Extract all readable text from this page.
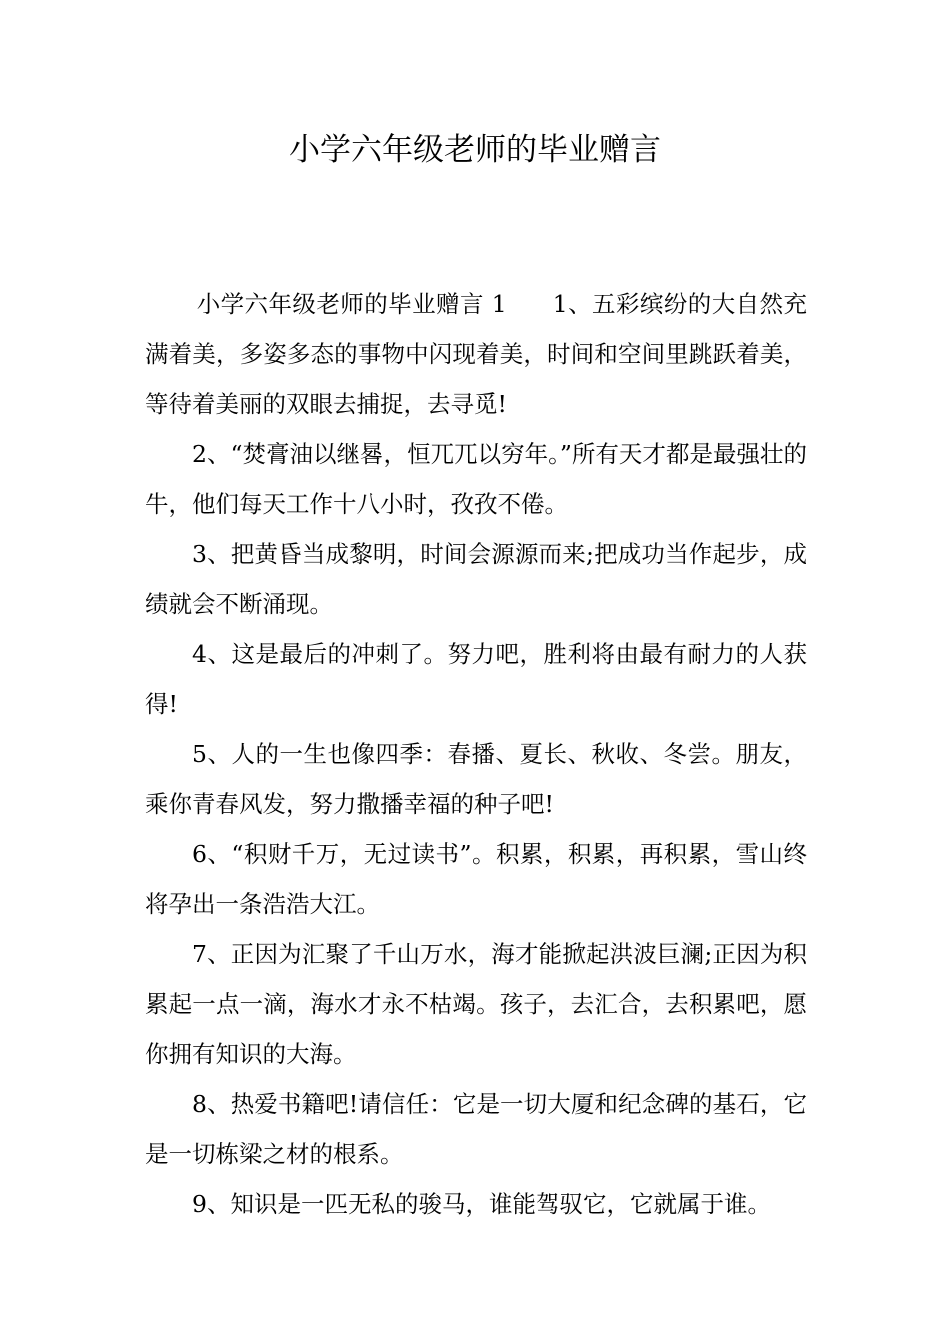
小学六年级老师的毕业赠言

小学六年级老师的毕业赠言 1 1、五彩缤纷的大自然充满着美，多姿多态的事物中闪现着美，时间和空间里跳跃着美，等待着美丽的双眼去捕捉，去寻觅!

2、“焚膏油以继晷，恒兀兀以穷年。”所有天才都是最强壮的牛，他们每天工作十八小时，孜孜不倦。

3、把黄昏当成黎明，时间会源源而来;把成功当作起步，成绩就会不断涌现。

4、这是最后的冲刺了。努力吧，胜利将由最有耐力的人获得!

5、人的一生也像四季：春播、夏长、秋收、冬尝。朋友，乘你青春风发，努力撒播幸福的种子吧!

6、“积财千万，无过读书”。积累，积累，再积累，雪山终将孕出一条浩浩大江。

7、正因为汇聚了千山万水，海才能掀起洪波巨澜;正因为积累起一点一滴，海水才永不枯竭。孩子，去汇合，去积累吧，愿你拥有知识的大海。

8、热爱书籍吧!请信任：它是一切大厦和纪念碑的基石，它是一切栋梁之材的根系。

9、知识是一匹无私的骏马，谁能驾驭它，它就属于谁。
